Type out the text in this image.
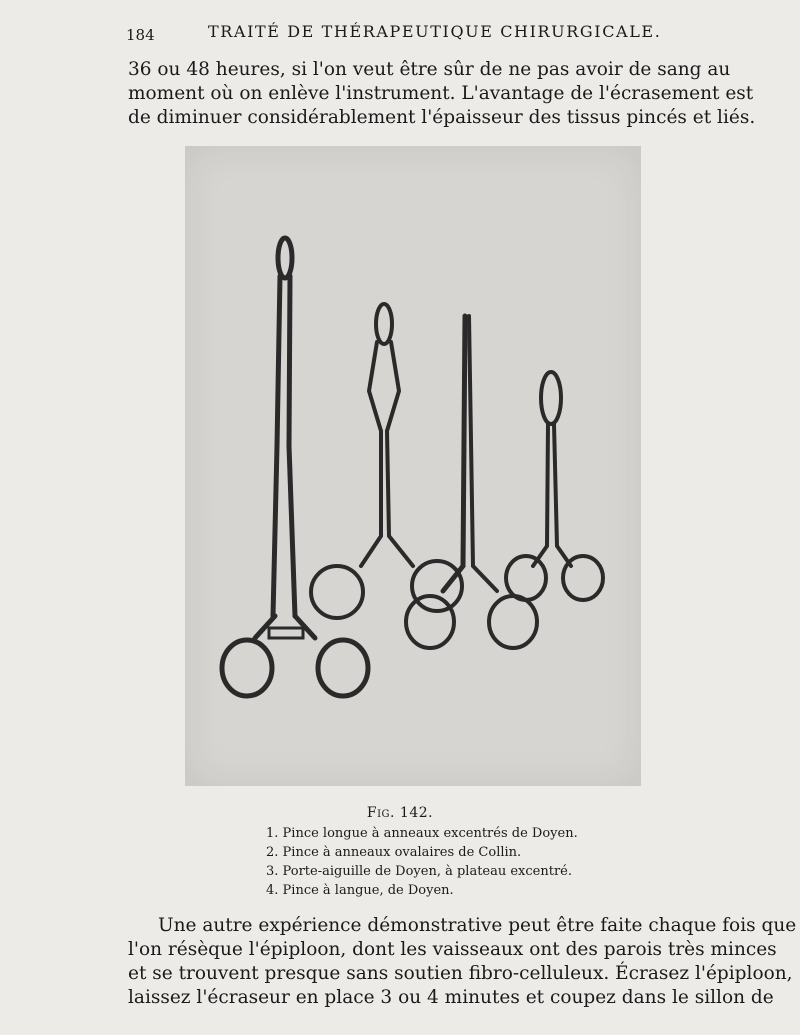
184	TRAITÉ DE THÉRAPEUTIQUE CHIRURGICALE.
36 ou 48 heures, si l'on veut être sûr de ne pas avoir de sang au
moment où on enlève l'instrument. L'avantage de l'écrasement est
de diminuer considérablement l'épaisseur des tissus pincés et liés.
Fig. 142.
1. Pince longue à anneaux excentrés de Doyen.
2. Pince à anneaux ovalaires de Collin.
3. Porte-aiguille de Doyen, à plateau excentré.
4. Pince à langue, de Doyen.
Une autre expérience démonstrative peut être faite chaque fois que
l'on résèque l'épiploon, dont les vaisseaux ont des parois très minces
et se trouvent presque sans soutien fibro-celluleux. Écrasez l'épiploon,
laissez l'écraseur en place 3 ou 4 minutes et coupez dans le sillon de
